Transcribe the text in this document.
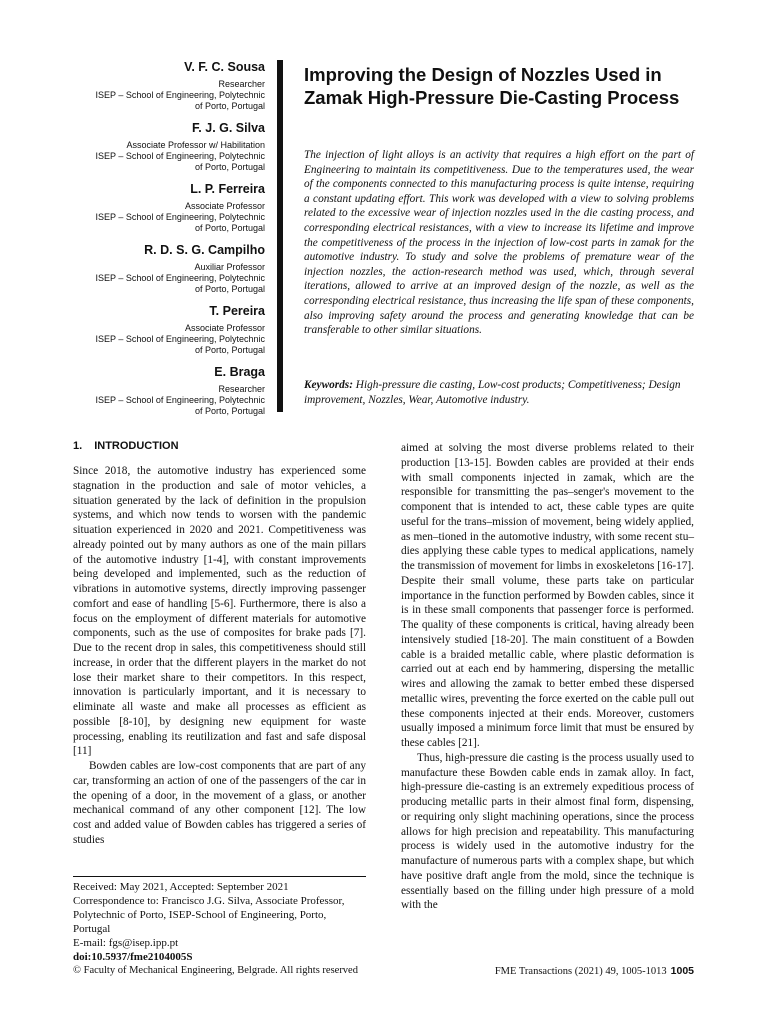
V. F. C. Sousa
Researcher
ISEP – School of Engineering, Polytechnic
of Porto, Portugal
F. J. G. Silva
Associate Professor w/ Habilitation
ISEP – School of Engineering, Polytechnic
of Porto, Portugal
L. P. Ferreira
Associate Professor
ISEP – School of Engineering, Polytechnic
of Porto, Portugal
R. D. S. G. Campilho
Auxiliar Professor
ISEP – School of Engineering, Polytechnic
of Porto, Portugal
T. Pereira
Associate Professor
ISEP – School of Engineering, Polytechnic
of Porto, Portugal
E. Braga
Researcher
ISEP – School of Engineering, Polytechnic
of Porto, Portugal
Improving the Design of Nozzles Used in Zamak High-Pressure Die-Casting Process

The injection of light alloys is an activity that requires a high effort on the part of Engineering to maintain its competitiveness. Due to the temperatures used, the wear of the components connected to this manufacturing process is quite intense, requiring a constant updating effort. This work was developed with a view to solving problems related to the excessive wear of injection nozzles used in the die casting process, and corresponding electrical resistances, with a view to increase its lifetime and improve the competitiveness of the process in the injection of low-cost parts in zamak for the automotive industry. To study and solve the problems of premature wear of the injection nozzles, the action-research method was used, which, through several iterations, allowed to arrive at an improved design of the nozzle, as well as the corresponding electrical resistance, thus increasing the life span of these components, also improving safety around the process and generating knowledge that can be transferable to other similar situations.

Keywords: High-pressure die casting, Low-cost products; Competitiveness; Design improvement, Nozzles, Wear, Automotive industry.

1. INTRODUCTION

Since 2018, the automotive industry has experienced some stagnation in the production and sale of motor vehicles, a situation generated by the lack of definition in the propulsion systems, and which now tends to worsen with the pandemic situation experienced in 2020 and 2021. Competitiveness was already pointed out by many authors as one of the main pillars of the automotive industry [1-4], with constant improvements being developed and implemented, such as the reduction of vibrations in automotive systems, directly improving passenger comfort and ease of handling [5-6]. Furthermore, there is also a focus on the employment of different materials for automotive components, such as the use of composites for brake pads [7]. Due to the recent drop in sales, this competitiveness should still increase, in order that the different players in the market do not lose their market share to their competitors. In this respect, innovation is particularly important, and it is necessary to eliminate all waste and make all processes as efficient as possible [8-10], by designing new equipment for waste processing, enabling its reutilization and fast and safe disposal [11]

Bowden cables are low-cost components that are part of any car, transforming an action of one of the passengers of the car in the opening of a door, in the movement of a glass, or another mechanical command of any other component [12]. The low cost and added value of Bowden cables has triggered a series of studies

aimed at solving the most diverse problems related to their production [13-15]. Bowden cables are provided at their ends with small components injected in zamak, which are the responsible for transmitting the pas–senger's movement to the component that is intended to act, these cable types are quite useful for the trans–mission of movement, being widely applied, as men–tioned in the automotive industry, with some recent stu–dies applying these cable types to medical applications, namely the transmission of movement for limbs in exoskeletons [16-17]. Despite their small volume, these parts take on particular importance in the function performed by Bowden cables, since it is in these small components that passenger force is performed. The quality of these components is critical, having already been intensively studied [18-20]. The main constituent of a Bowden cable is a braided metallic cable, where plastic deformation is carried out at each end by hammering, dispersing the metallic wires and allowing the zamak to better embed these dispersed metallic wires, preventing the force exerted on the cable pull out these components injected at their ends. Moreover, customers usually imposed a minimum force limit that must be ensured by these cables [21].

Thus, high-pressure die casting is the process usually used to manufacture these Bowden cable ends in zamak alloy. In fact, high-pressure die-casting is an extremely expeditious process of producing metallic parts in their almost final form, dispensing, or requiring only slight machining operations, since the process allows for high precision and repeatability. This manufacturing process is widely used in the automotive industry for the manufacture of numerous parts with a complex shape, but which have positive draft angle from the mold, since the technique is essentially based on the filling under high pressure of a mold with the

Received: May 2021, Accepted: September 2021
Correspondence to: Francisco J.G. Silva, Associate Professor, Polytechnic of Porto, ISEP-School of Engineering, Porto, Portugal
E-mail: fgs@isep.ipp.pt
doi:10.5937/fme2104005S
© Faculty of Mechanical Engineering, Belgrade. All rights reserved	FME Transactions (2021) 49, 1005-1013 1005
